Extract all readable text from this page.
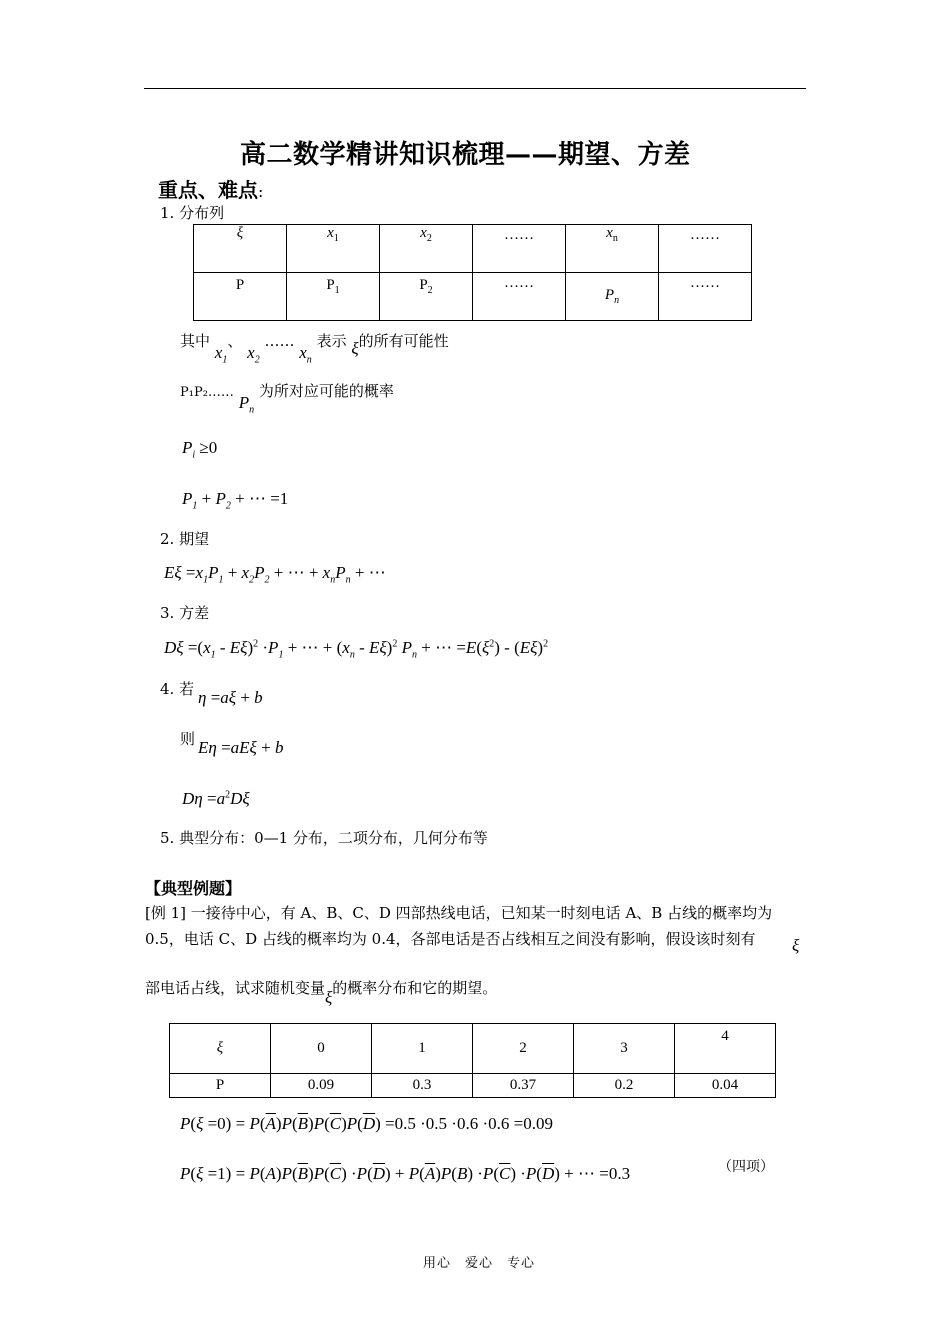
高二数学精讲知识梳理——期望、方差
重点、难点:
1. 分布列
ξ	$x_1$	$x_2$	……	$x_n$	……
P	$P_1$	$P_2$	……	$P_n$	……
其中 $x_1$、 $x_2$ …… $x_n$ 表示 ξ的所有可能性
P₁P₂…… $P_n$ 为所对应可能的概率
$P_i \ge 0$
$P_1 + P_2$ + ⋯ =1
2. 期望
$E\xi =x_1P_1 + x_2P_2$ + ⋯ + $x_nP_n$ + ⋯
3. 方差
$D\xi =(x_1 - E\xi)^2 \cdot P_1$ + ⋯ + $(x_n - E\xi)^2$ $P_n$ + ⋯ $=E(\xi^2) - (E\xi)^2$
4. 若 η =aξ + b
则 Eη =aEξ + b
$D\eta =a^2D\xi$
5. 典型分布：0—1 分布，二项分布，几何分布等
【典型例题】
[例 1] 一接待中心，有 A、B、C、D 四部热线电话，已知某一时刻电话 A、B 占线的概率均为
0.5，电话 C、D 占线的概率均为 0.4，各部电话是否占线相互之间没有影响，假设该时刻有 ξ
部电话占线，试求随机变量ξ的概率分布和它的期望。
ξ	0	1	2	3	4
P	0.09	0.3	0.37	0.2	0.04
$P(\xi =0) = P(\overline{A})P(\overline{B})P(\overline{C})P(\overline{D}) =0.5 \cdot 0.5 \cdot 0.6 \cdot 0.6 =0.09$
$P(\xi =1) = P(A)P(\overline{B})P(\overline{C}) \cdot P(\overline{D}) + P(\overline{A})P(B) \cdot P(\overline{C}) \cdot P(\overline{D})$ + ⋯ =0.3	（四项）
用心　爱心　专心
